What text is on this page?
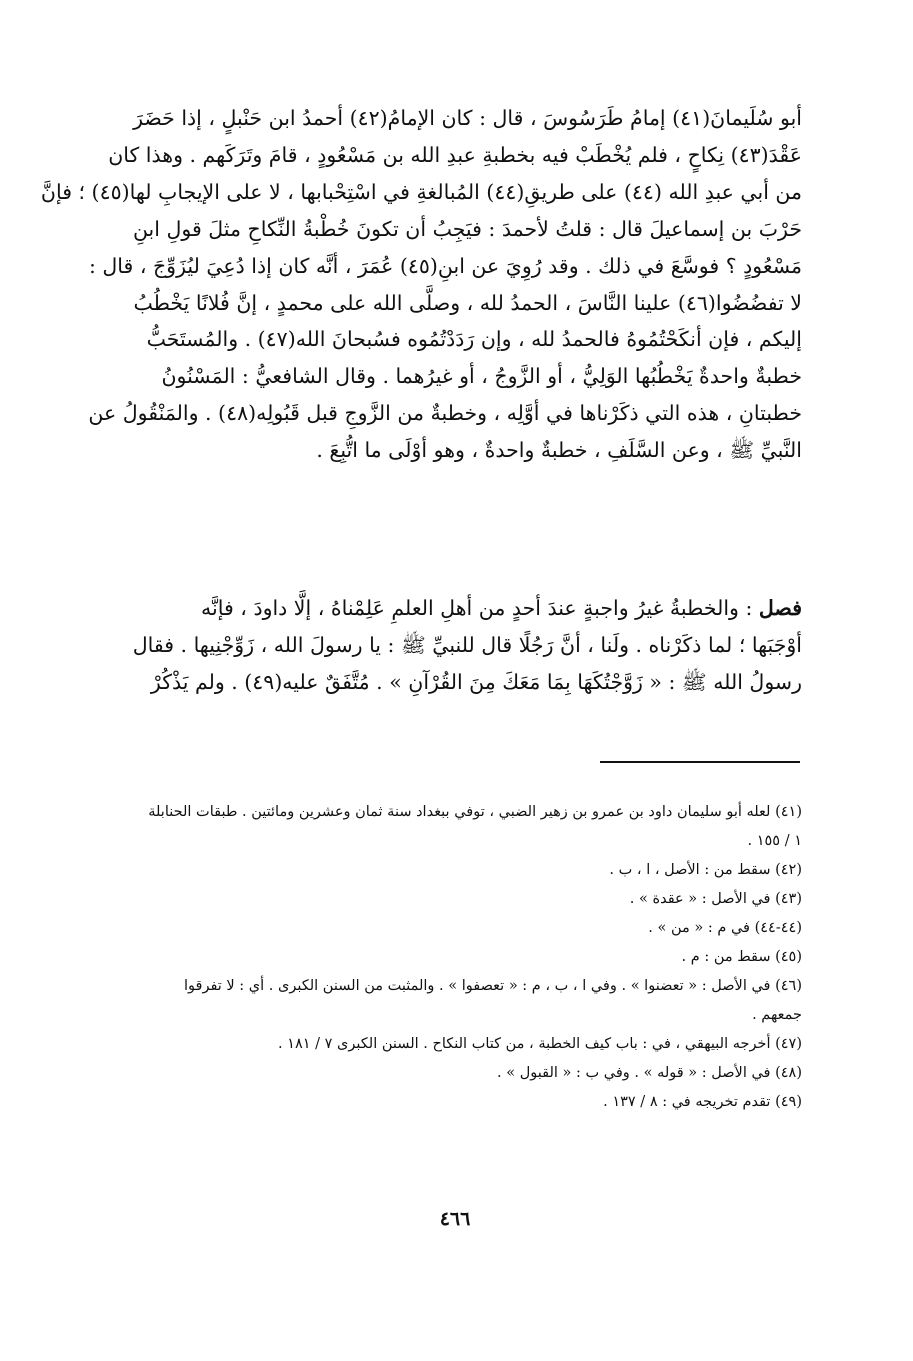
أبو سُلَيمانَ(٤١) إمامُ طَرَسُوسَ ، قال : كان الإمامُ(٤٢) أحمدُ ابن حَنْبلٍ ، إذا حَضَرَ
عَقْدَ(٤٣) نِكاحٍ ، فلم يُخْطَبْ فيه بخطبةِ عبدِ الله بن مَسْعُودٍ ، قامَ وتَرَكَهم . وهذا كان
من أبي عبدِ الله (٤٤) على طريقِ(٤٤) المُبالغةِ في اسْتِحْبابها ، لا على الإيجابِ لها(٤٥) ؛ فإنَّ
حَرْبَ بن إسماعيلَ قال : قلتُ لأحمدَ : فيَجِبُ أن تكونَ خُطْبةُ النِّكاحِ مثلَ قولِ ابنِ
مَسْعُودٍ ؟ فوسَّعَ في ذلك . وقد رُوِيَ عن ابنِ(٤٥) عُمَرَ ، أنَّه كان إذا دُعِيَ ليُزَوِّجَ ، قال :
لا تفضُضُوا(٤٦) علينا النَّاسَ ، الحمدُ لله ، وصلَّى الله على محمدٍ ، إنَّ فُلانًا يَخْطُبُ
إليكم ، فإن أنكَحْتُمُوهُ فالحمدُ لله ، وإن رَدَدْتُمُوه فسُبحانَ الله(٤٧) . والمُستَحَبُّ
خطبةٌ واحدةٌ يَخْطُبُها الوَلِيُّ ، أو الزَّوجُ ، أو غيرُهما . وقال الشافعيُّ : المَسْنُونُ
خطبتانِ ، هذه التي ذكَرْناها في أوَّلِه ، وخطبةٌ من الزَّوجِ قبل قَبُولِه(٤٨) . والمَنْقُولُ عن
النَّبيِّ ﷺ ، وعن السَّلَفِ ، خطبةٌ واحدةٌ ، وهو أوْلَى ما اتُّبِعَ .
فصل : والخطبةُ غيرُ واجبةٍ عندَ أحدٍ من أهلِ العلمِ عَلِمْناهُ ، إلَّا داودَ ، فإنَّه
أوْجَبَها ؛ لما ذكَرْناه . ولَنا ، أنَّ رَجُلًا قال للنبيِّ ﷺ : يا رسولَ الله ، زَوِّجْنِيها . فقال
رسولُ الله ﷺ : « زَوَّجْتُكَهَا بِمَا مَعَكَ مِنَ القُرْآنِ » . مُتَّفَقٌ عليه(٤٩) . ولم يَذْكُرْ
(٤١) لعله أبو سليمان داود بن عمرو بن زهير الضبي ، توفي ببغداد سنة ثمان وعشرين ومائتين . طبقات الحنابلة
١ / ١٥٥ .
(٤٢) سقط من : الأصل ، ا ، ب .
(٤٣) في الأصل : « عقدة » .
(٤٤-٤٤) في م : « من » .
(٤٥) سقط من : م .
(٤٦) في الأصل : « تعضنوا » . وفي ا ، ب ، م : « تعصفوا » . والمثبت من السنن الكبرى . أي : لا تفرقوا
جمعهم .
(٤٧) أخرجه البيهقي ، في : باب كيف الخطبة ، من كتاب النكاح . السنن الكبرى ٧ / ١٨١ .
(٤٨) في الأصل : « قوله » . وفي ب : « القبول » .
(٤٩) تقدم تخريجه في : ٨ / ١٣٧ .
٤٦٦
